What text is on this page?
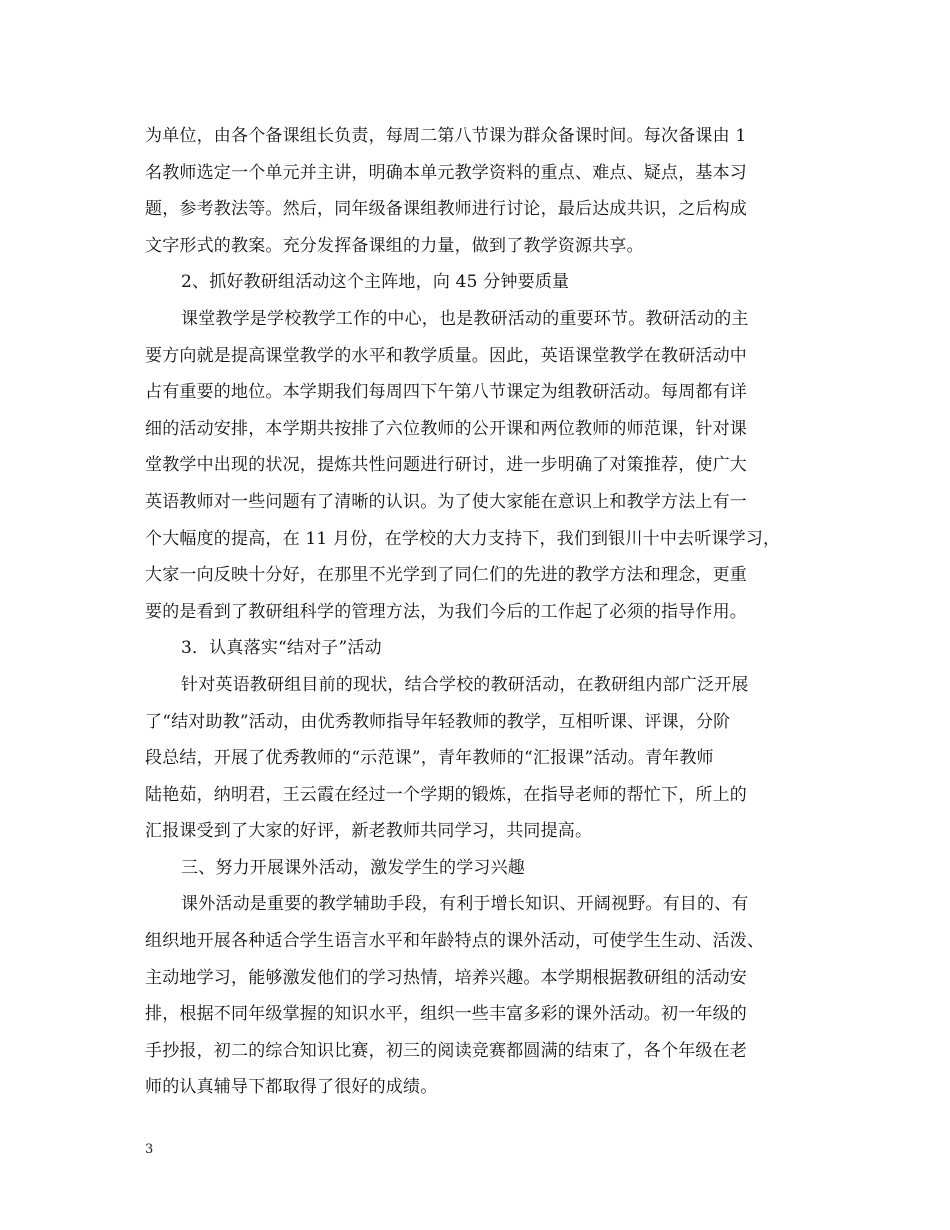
为单位，由各个备课组长负责，每周二第八节课为群众备课时间。每次备课由 1
名教师选定一个单元并主讲，明确本单元教学资料的重点、难点、疑点，基本习
题，参考教法等。然后，同年级备课组教师进行讨论，最后达成共识，之后构成
文字形式的教案。充分发挥备课组的力量，做到了教学资源共享。
2、抓好教研组活动这个主阵地，向 45 分钟要质量
课堂教学是学校教学工作的中心，也是教研活动的重要环节。教研活动的主
要方向就是提高课堂教学的水平和教学质量。因此，英语课堂教学在教研活动中
占有重要的地位。本学期我们每周四下午第八节课定为组教研活动。每周都有详
细的活动安排，本学期共按排了六位教师的公开课和两位教师的师范课，针对课
堂教学中出现的状况，提炼共性问题进行研讨，进一步明确了对策推荐，使广大
英语教师对一些问题有了清晰的认识。为了使大家能在意识上和教学方法上有一
个大幅度的提高，在 11 月份，在学校的大力支持下，我们到银川十中去听课学习，
大家一向反映十分好，在那里不光学到了同仁们的先进的教学方法和理念，更重
要的是看到了教研组科学的管理方法，为我们今后的工作起了必须的指导作用。
3．认真落实“结对子”活动
针对英语教研组目前的现状，结合学校的教研活动，在教研组内部广泛开展
了“结对助教”活动，由优秀教师指导年轻教师的教学，互相听课、评课，分阶
段总结，开展了优秀教师的“示范课”，青年教师的“汇报课”活动。青年教师
陆艳茹，纳明君，王云霞在经过一个学期的锻炼，在指导老师的帮忙下，所上的
汇报课受到了大家的好评，新老教师共同学习，共同提高。
三、努力开展课外活动，激发学生的学习兴趣
课外活动是重要的教学辅助手段，有利于增长知识、开阔视野。有目的、有
组织地开展各种适合学生语言水平和年龄特点的课外活动，可使学生生动、活泼、
主动地学习，能够激发他们的学习热情，培养兴趣。本学期根据教研组的活动安
排，根据不同年级掌握的知识水平，组织一些丰富多彩的课外活动。初一年级的
手抄报，初二的综合知识比赛，初三的阅读竞赛都圆满的结束了，各个年级在老
师的认真辅导下都取得了很好的成绩。
3
